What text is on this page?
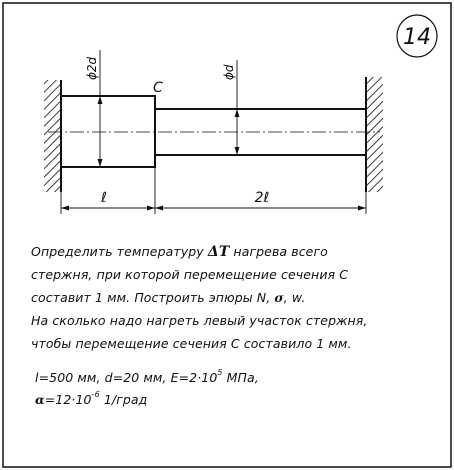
14
ϕ2d	ϕd
C
ℓ	2ℓ
Определить температуру ΔT нагрева всего
стержня, при которой перемещение сечения C
составит 1 мм. Построить эпюры N, σ, w.
На сколько надо нагреть левый участок стержня,
чтобы перемещение сечения C составило 1 мм.
l=500 мм, d=20 мм, $E=2\cdot 10^5$ МПа,
$\alpha=12\cdot 10^{-6}$ 1/град
